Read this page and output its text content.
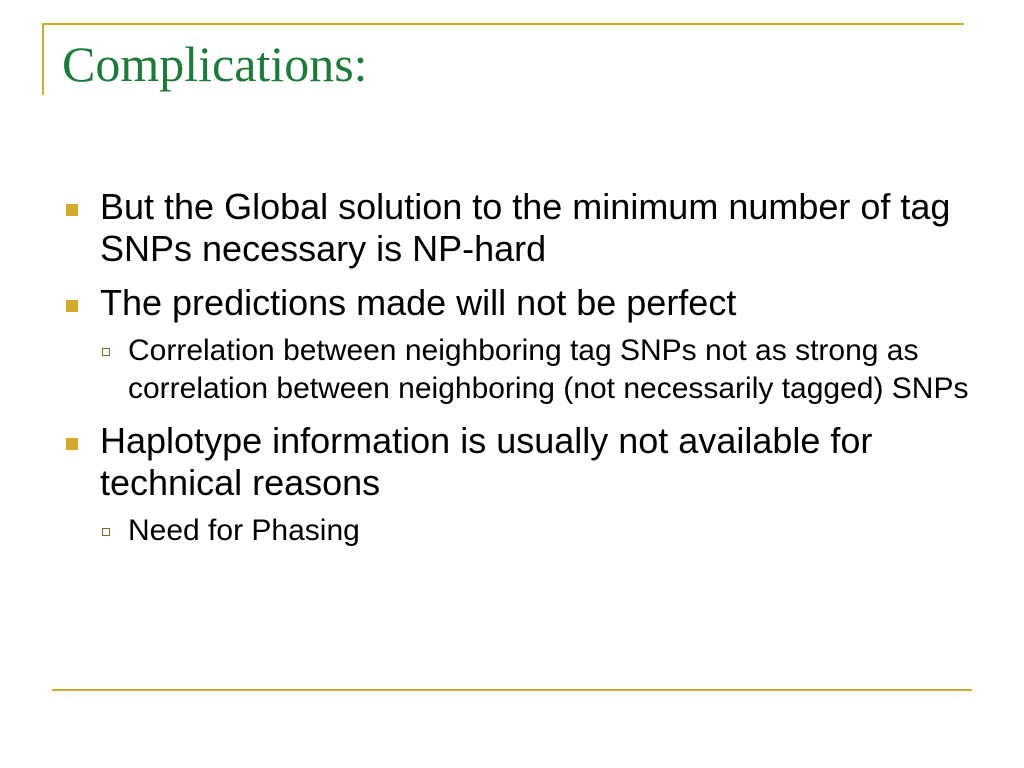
Complications:
But the Global solution to the minimum number of tag SNPs necessary is NP-hard
The predictions made will not be perfect
Correlation between neighboring tag SNPs not as strong as correlation between neighboring (not necessarily tagged) SNPs
Haplotype information is usually not available for technical reasons
Need for Phasing
